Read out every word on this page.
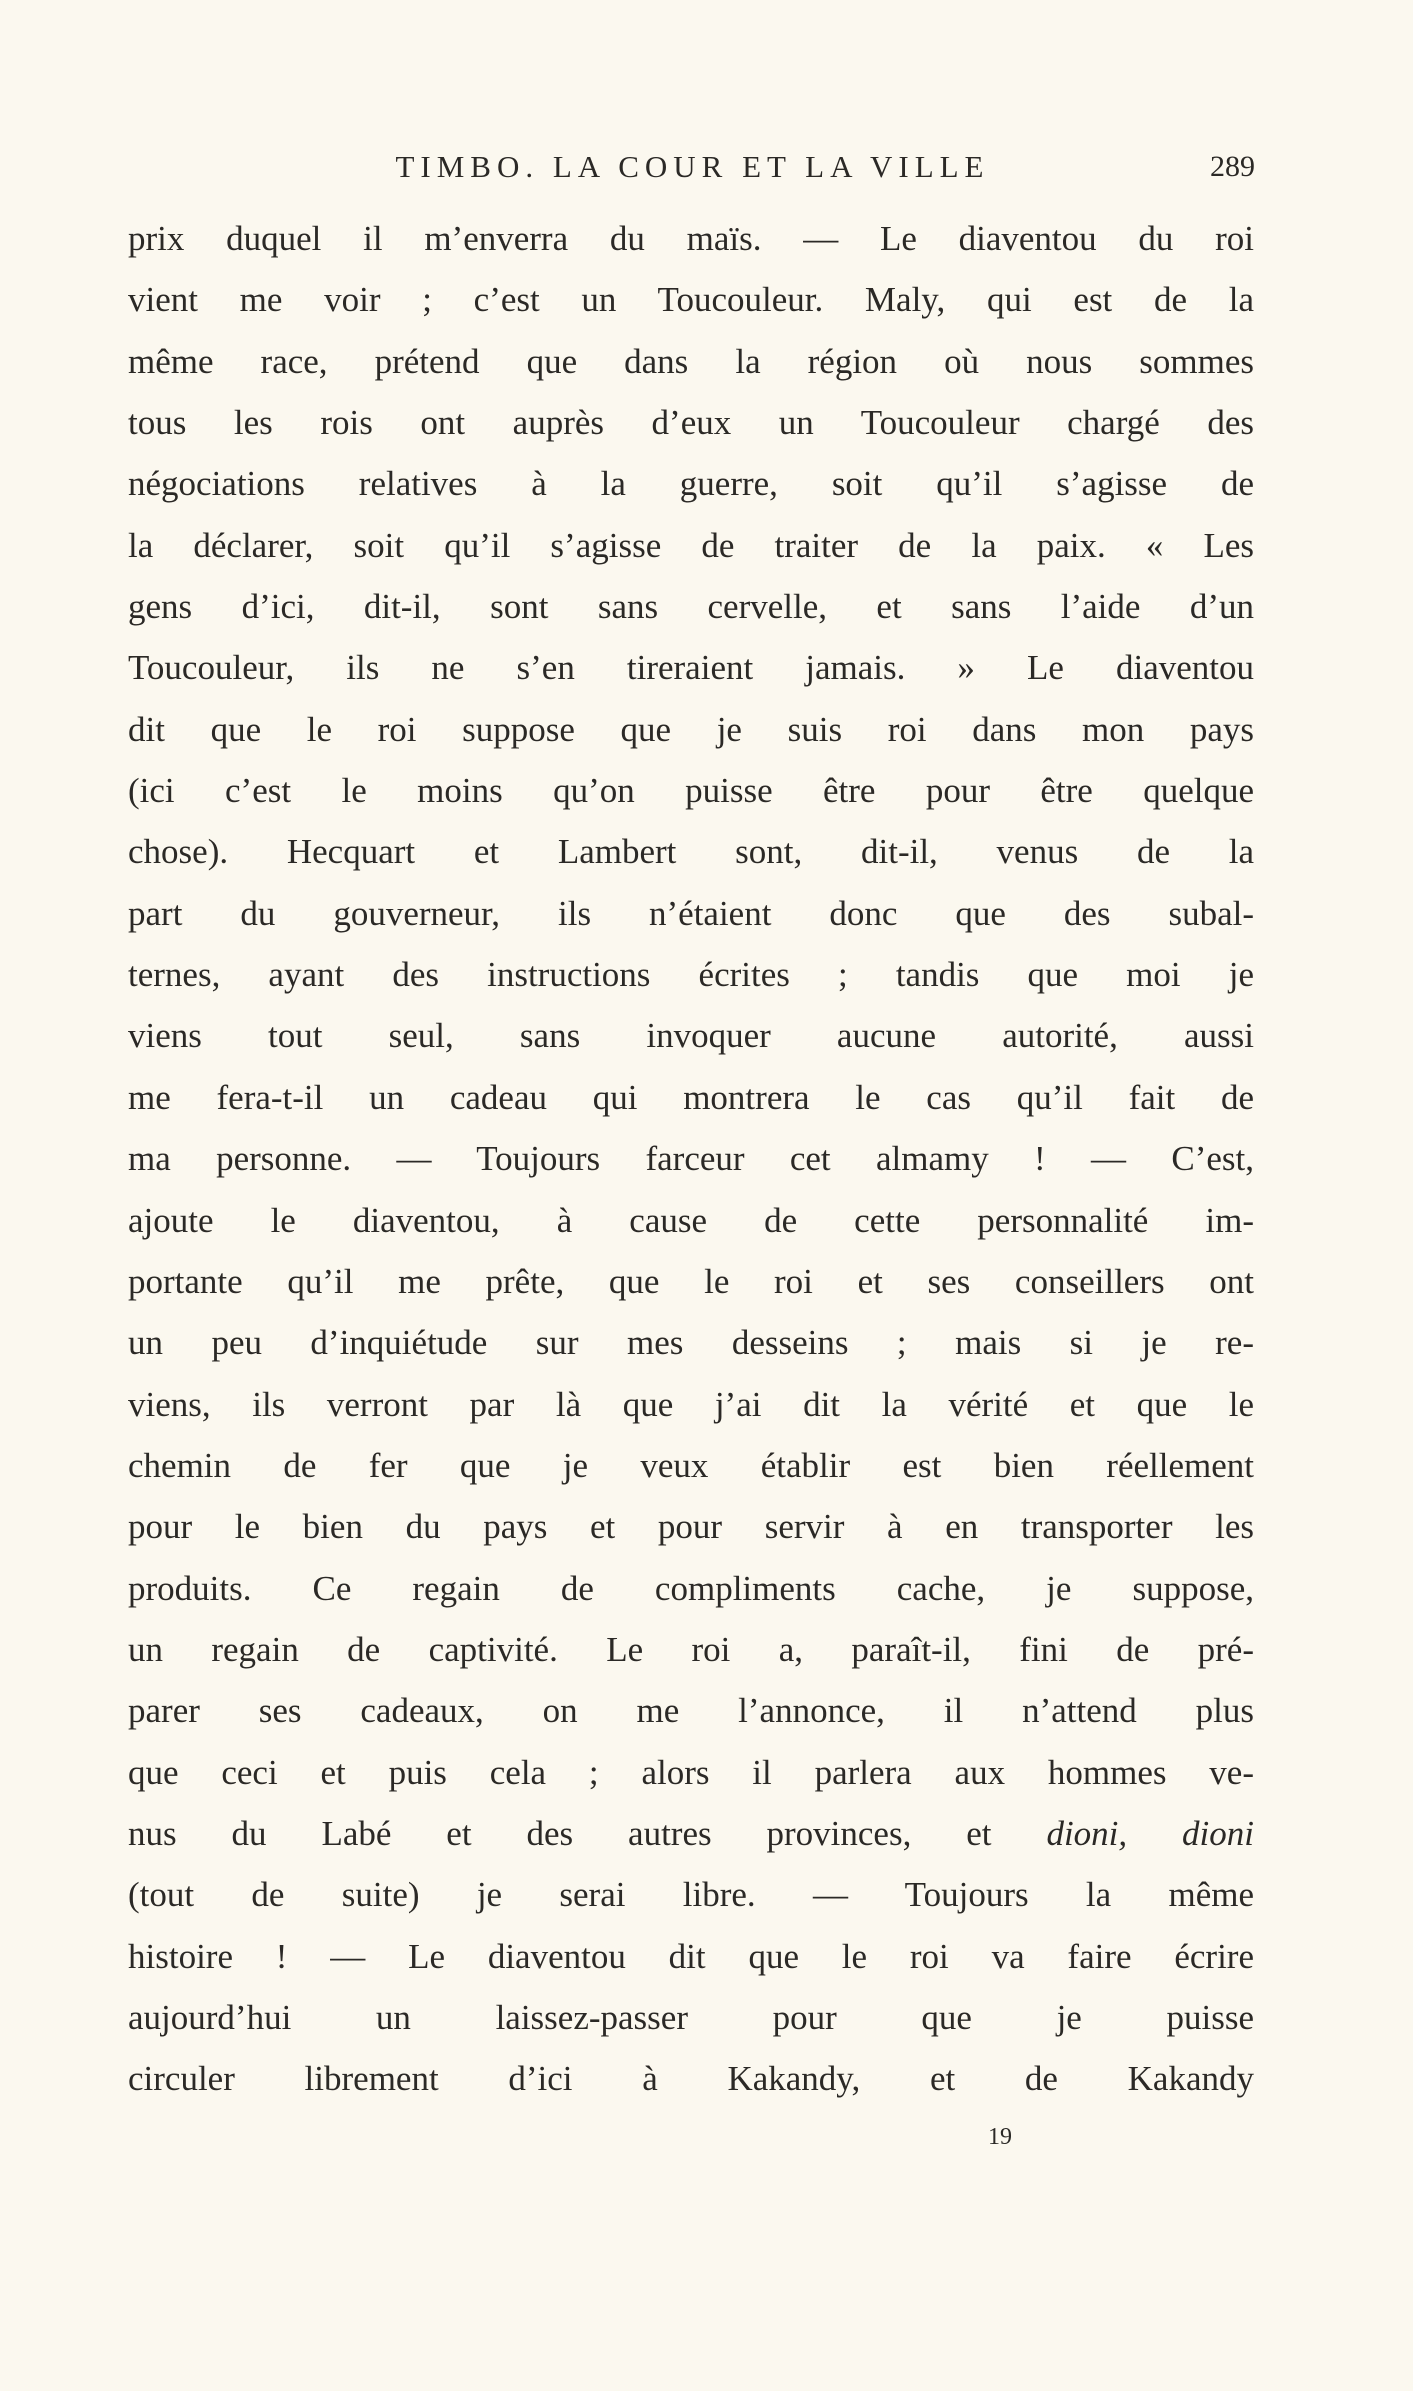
TIMBO. LA COUR ET LA VILLE	289
prix duquel il m’enverra du maïs. — Le diaventou du roi
vient me voir ; c’est un Toucouleur. Maly, qui est de la
même race, prétend que dans la région où nous sommes
tous les rois ont auprès d’eux un Toucouleur chargé des
négociations relatives à la guerre, soit qu’il s’agisse de
la déclarer, soit qu’il s’agisse de traiter de la paix. « Les
gens d’ici, dit-il, sont sans cervelle, et sans l’aide d’un
Toucouleur, ils ne s’en tireraient jamais. » Le diaventou
dit que le roi suppose que je suis roi dans mon pays
(ici c’est le moins qu’on puisse être pour être quelque
chose). Hecquart et Lambert sont, dit-il, venus de la
part du gouverneur, ils n’étaient donc que des subal-
ternes, ayant des instructions écrites ; tandis que moi je
viens tout seul, sans invoquer aucune autorité, aussi
me fera-t-il un cadeau qui montrera le cas qu’il fait de
ma personne. — Toujours farceur cet almamy ! — C’est,
ajoute le diaventou, à cause de cette personnalité im-
portante qu’il me prête, que le roi et ses conseillers ont
un peu d’inquiétude sur mes desseins ; mais si je re-
viens, ils verront par là que j’ai dit la vérité et que le
chemin de fer que je veux établir est bien réellement
pour le bien du pays et pour servir à en transporter les
produits. Ce regain de compliments cache, je suppose,
un regain de captivité. Le roi a, paraît-il, fini de pré-
parer ses cadeaux, on me l’annonce, il n’attend plus
que ceci et puis cela ; alors il parlera aux hommes ve-
nus du Labé et des autres provinces, et dioni, dioni
(tout de suite) je serai libre. — Toujours la même
histoire ! — Le diaventou dit que le roi va faire écrire
aujourd’hui un laissez-passer pour que je puisse
circuler librement d’ici à Kakandy, et de Kakandy
19
